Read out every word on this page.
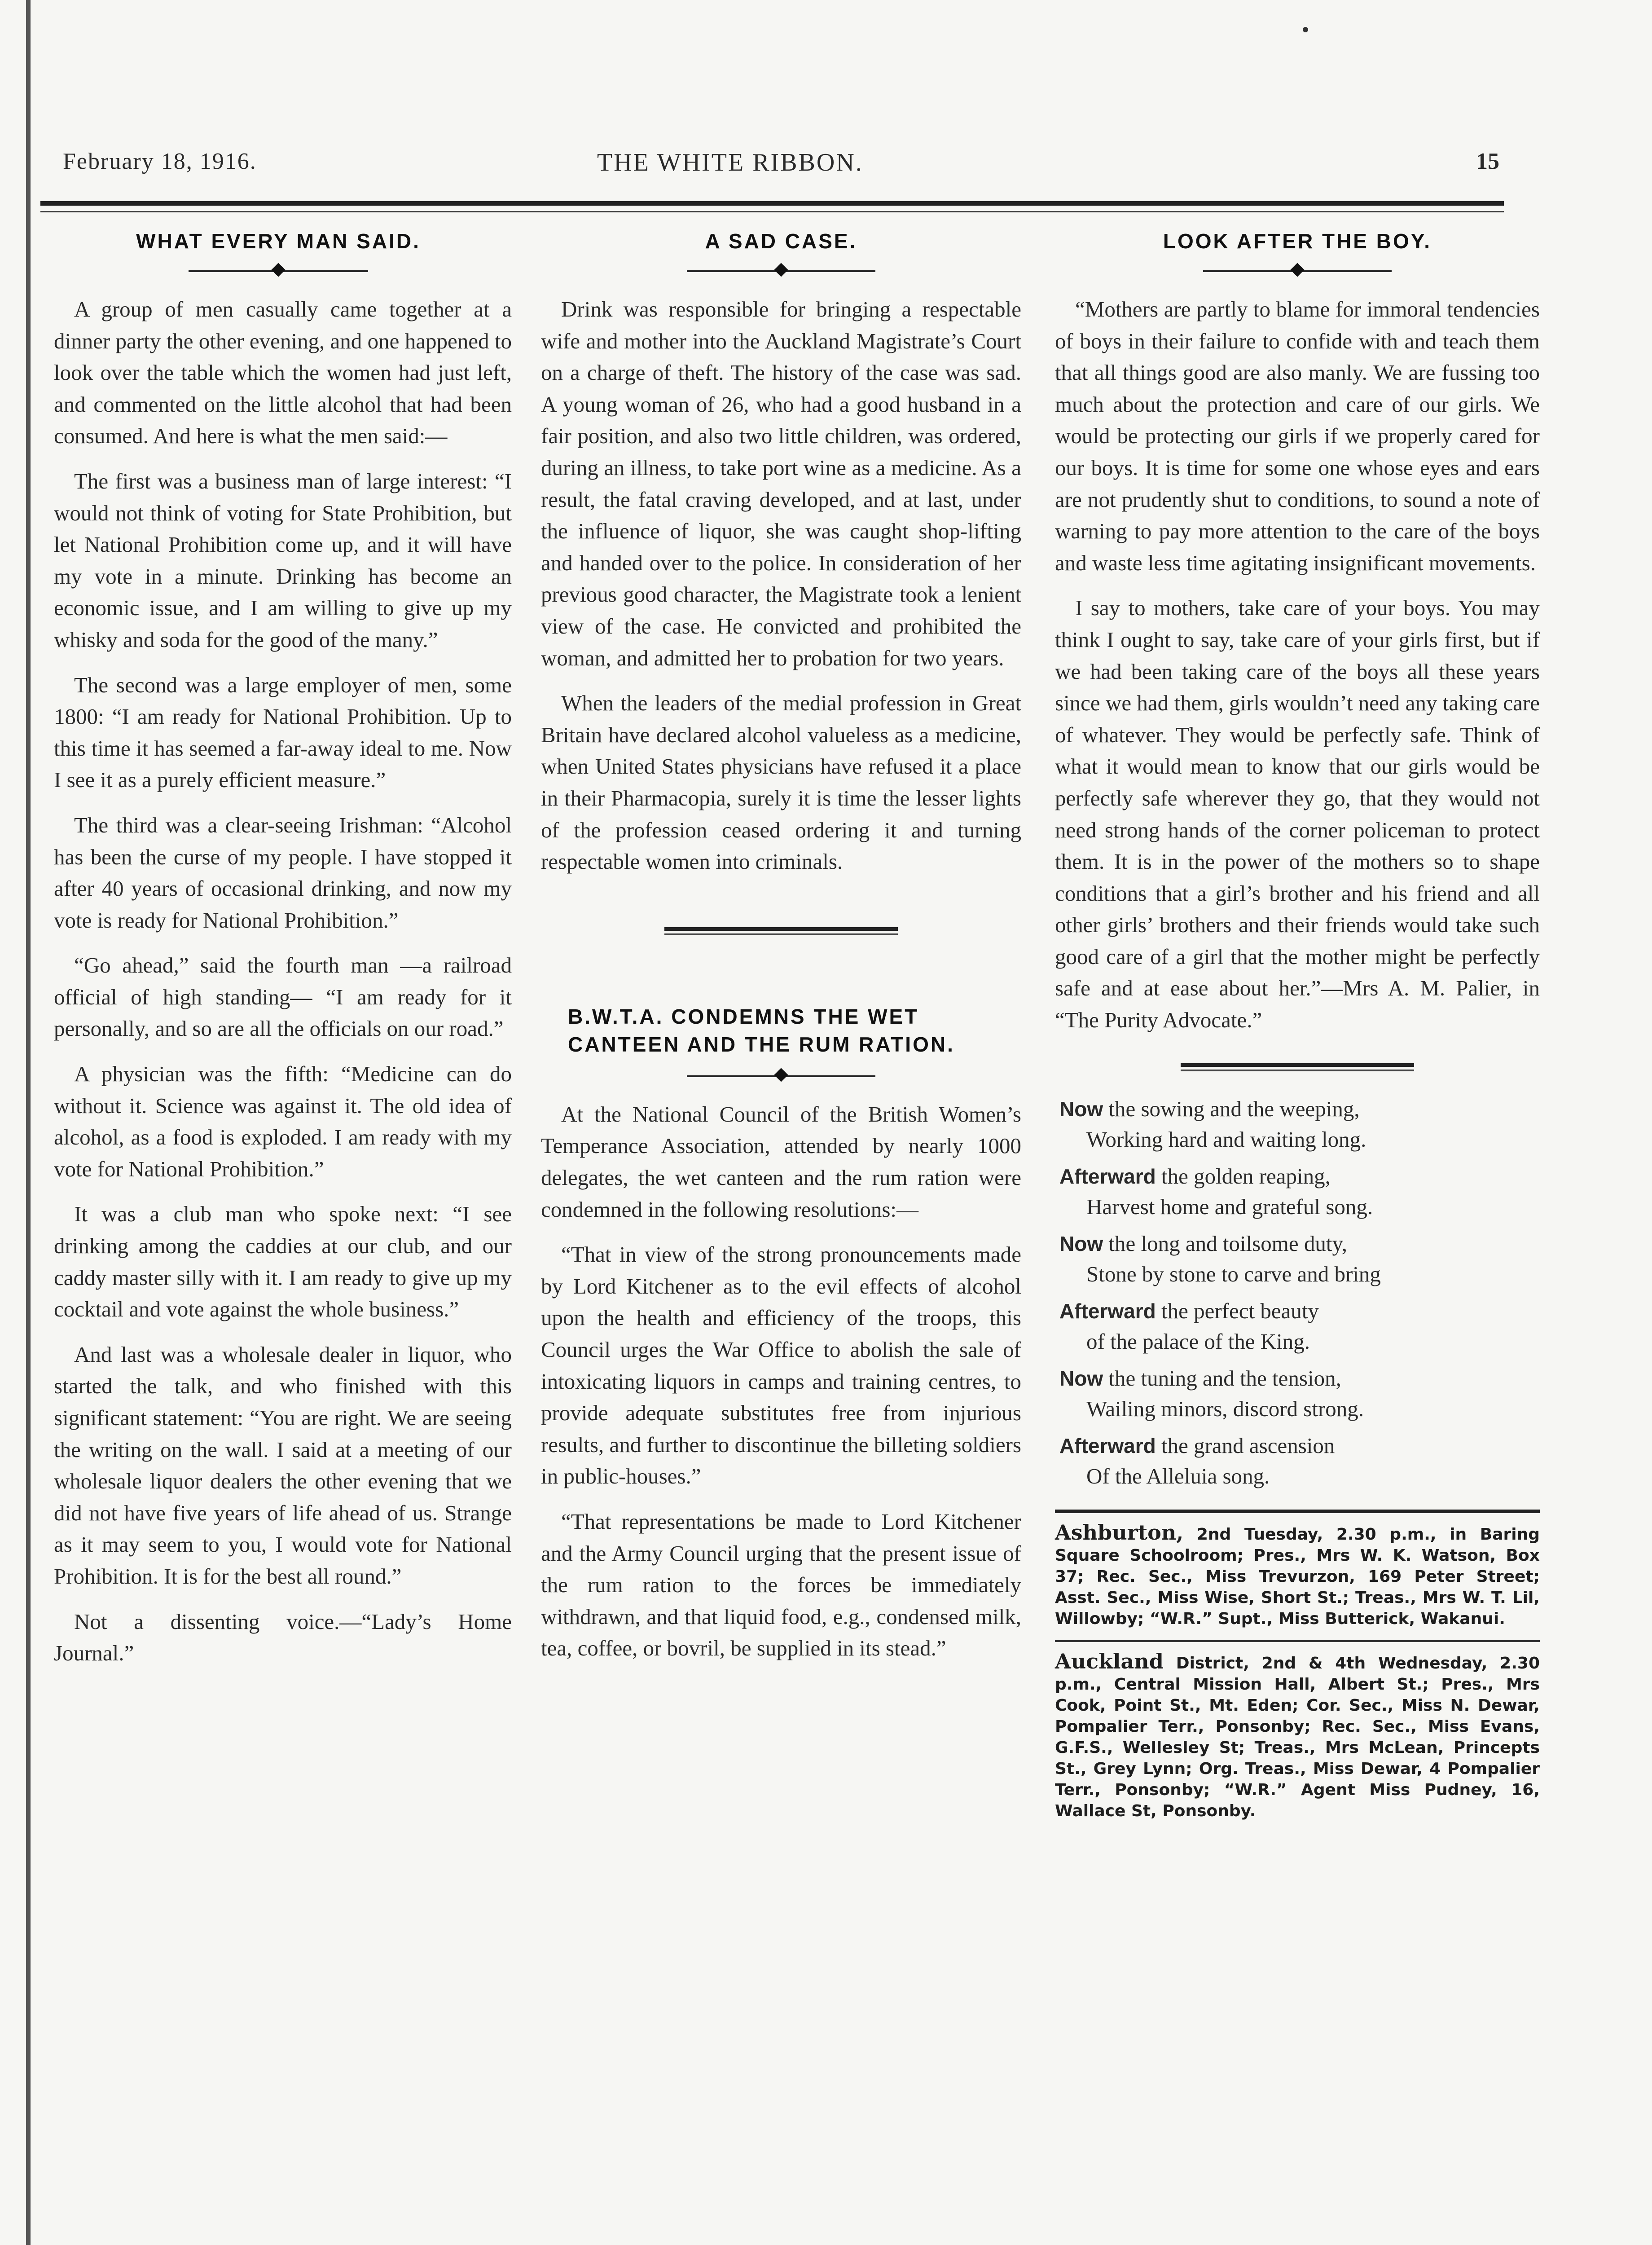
February 18, 1916.	THE WHITE RIBBON.	15
WHAT EVERY MAN SAID.

A group of men casually came together at a dinner party the other evening, and one happened to look over the table which the women had just left, and commented on the little alcohol that had been consumed. And here is what the men said:—

The first was a business man of large interest: “I would not think of voting for State Prohibition, but let National Prohibition come up, and it will have my vote in a minute. Drinking has become an economic issue, and I am willing to give up my whisky and soda for the good of the many.”

The second was a large employer of men, some 1800: “I am ready for National Prohibition. Up to this time it has seemed a far-away ideal to me. Now I see it as a purely efficient measure.”

The third was a clear-seeing Irishman: “Alcohol has been the curse of my people. I have stopped it after 40 years of occasional drinking, and now my vote is ready for National Prohibition.”

“Go ahead,” said the fourth man —a railroad official of high standing— “I am ready for it personally, and so are all the officials on our road.”

A physician was the fifth: “Medicine can do without it. Science was against it. The old idea of alcohol, as a food is exploded. I am ready with my vote for National Prohibition.”

It was a club man who spoke next: “I see drinking among the caddies at our club, and our caddy master silly with it. I am ready to give up my cocktail and vote against the whole business.”

And last was a wholesale dealer in liquor, who started the talk, and who finished with this significant statement: “You are right. We are seeing the writing on the wall. I said at a meeting of our wholesale liquor dealers the other evening that we did not have five years of life ahead of us. Strange as it may seem to you, I would vote for National Prohibition. It is for the best all round.”

Not a dissenting voice.—“Lady’s Home Journal.”

A SAD CASE.

Drink was responsible for bringing a respectable wife and mother into the Auckland Magistrate’s Court on a charge of theft. The history of the case was sad. A young woman of 26, who had a good husband in a fair position, and also two little children, was ordered, during an illness, to take port wine as a medicine. As a result, the fatal craving developed, and at last, under the influence of liquor, she was caught shop-lifting and handed over to the police. In consideration of her previous good character, the Magistrate took a lenient view of the case. He convicted and prohibited the woman, and admitted her to probation for two years.

When the leaders of the medial profession in Great Britain have declared alcohol valueless as a medicine, when United States physicians have refused it a place in their Pharmacopia, surely it is time the lesser lights of the profession ceased ordering it and turning respectable women into criminals.

B.W.T.A. CONDEMNS THE WET CANTEEN AND THE RUM RATION.

At the National Council of the British Women’s Temperance Association, attended by nearly 1000 delegates, the wet canteen and the rum ration were condemned in the following resolutions:—

“That in view of the strong pronouncements made by Lord Kitchener as to the evil effects of alcohol upon the health and efficiency of the troops, this Council urges the War Office to abolish the sale of intoxicating liquors in camps and training centres, to provide adequate substitutes free from injurious results, and further to discontinue the billeting soldiers in public-houses.”

“That representations be made to Lord Kitchener and the Army Council urging that the present issue of the rum ration to the forces be immediately withdrawn, and that liquid food, e.g., condensed milk, tea, coffee, or bovril, be supplied in its stead.”

LOOK AFTER THE BOY.

“Mothers are partly to blame for immoral tendencies of boys in their failure to confide with and teach them that all things good are also manly. We are fussing too much about the protection and care of our girls. We would be protecting our girls if we properly cared for our boys. It is time for some one whose eyes and ears are not prudently shut to conditions, to sound a note of warning to pay more attention to the care of the boys and waste less time agitating insignificant movements.

I say to mothers, take care of your boys. You may think I ought to say, take care of your girls first, but if we had been taking care of the boys all these years since we had them, girls wouldn’t need any taking care of whatever. They would be perfectly safe. Think of what it would mean to know that our girls would be perfectly safe wherever they go, that they would not need strong hands of the corner policeman to protect them. It is in the power of the mothers so to shape conditions that a girl’s brother and his friend and all other girls’ brothers and their friends would take such good care of a girl that the mother might be perfectly safe and at ease about her.”—Mrs A. M. Palier, in “The Purity Advocate.”

Now the sowing and the weeping,
Working hard and waiting long.
Afterward the golden reaping,
Harvest home and grateful song.
Now the long and toilsome duty,
Stone by stone to carve and bring
Afterward the perfect beauty
of the palace of the King.
Now the tuning and the tension,
Wailing minors, discord strong.
Afterward the grand ascension
Of the Alleluia song.
Ashburton, 2nd Tuesday, 2.30 p.m., in Baring Square Schoolroom; Pres., Mrs W. K. Watson, Box 37; Rec. Sec., Miss Trevurzon, 169 Peter Street; Asst. Sec., Miss Wise, Short St.; Treas., Mrs W. T. Lil, Willowby; “W.R.” Supt., Miss Butterick, Wakanui.
Auckland District, 2nd & 4th Wednesday, 2.30 p.m., Central Mission Hall, Albert St.; Pres., Mrs Cook, Point St., Mt. Eden; Cor. Sec., Miss N. Dewar, Pompalier Terr., Ponsonby; Rec. Sec., Miss Evans, G.F.S., Wellesley St; Treas., Mrs McLean, Princepts St., Grey Lynn; Org. Treas., Miss Dewar, 4 Pompalier Terr., Ponsonby; “W.R.” Agent Miss Pudney, 16, Wallace St, Ponsonby.
